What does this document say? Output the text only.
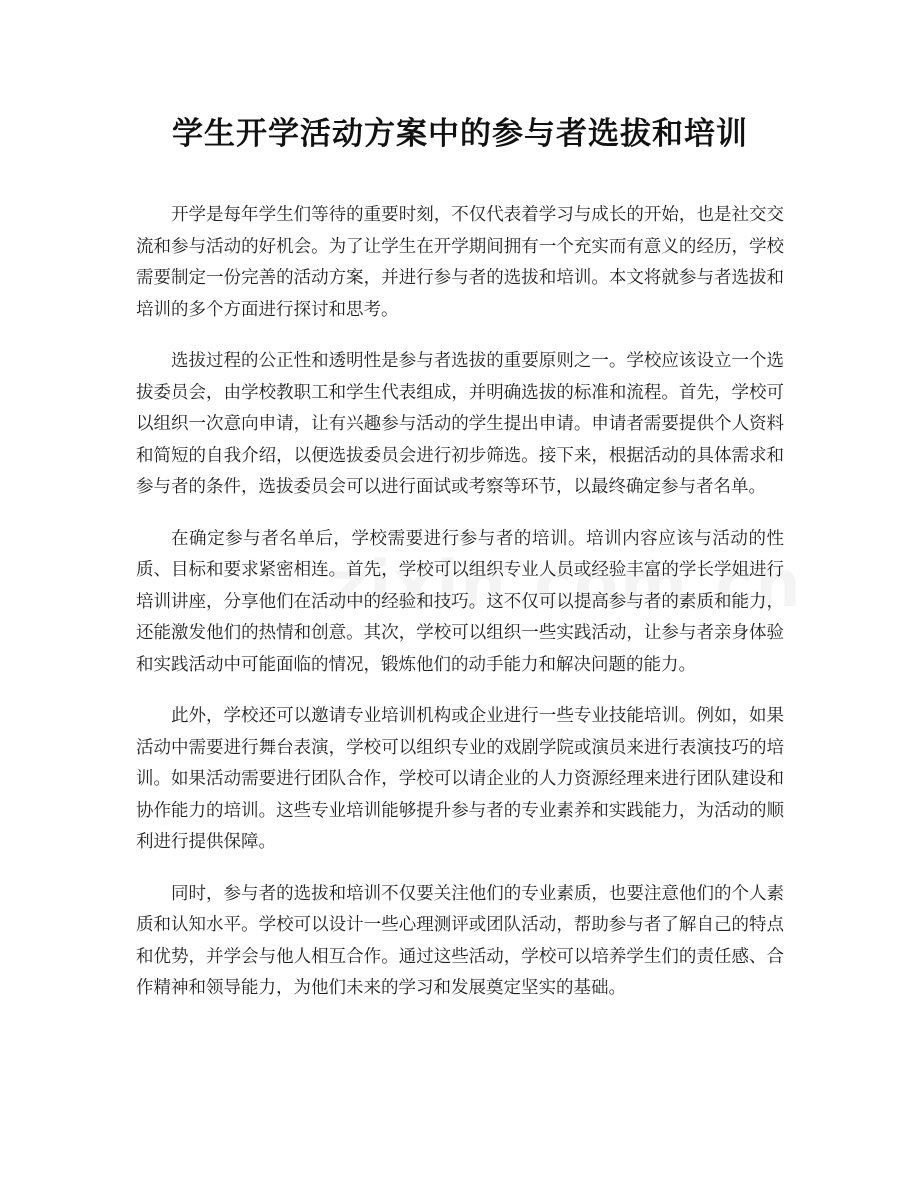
学生开学活动方案中的参与者选拔和培训

开学是每年学生们等待的重要时刻，不仅代表着学习与成长的开始，也是社交交流和参与活动的好机会。为了让学生在开学期间拥有一个充实而有意义的经历，学校需要制定一份完善的活动方案，并进行参与者的选拔和培训。本文将就参与者选拔和培训的多个方面进行探讨和思考。

选拔过程的公正性和透明性是参与者选拔的重要原则之一。学校应该设立一个选拔委员会，由学校教职工和学生代表组成，并明确选拔的标准和流程。首先，学校可以组织一次意向申请，让有兴趣参与活动的学生提出申请。申请者需要提供个人资料和简短的自我介绍，以便选拔委员会进行初步筛选。接下来，根据活动的具体需求和参与者的条件，选拔委员会可以进行面试或考察等环节，以最终确定参与者名单。

在确定参与者名单后，学校需要进行参与者的培训。培训内容应该与活动的性质、目标和要求紧密相连。首先，学校可以组织专业人员或经验丰富的学长学姐进行培训讲座，分享他们在活动中的经验和技巧。这不仅可以提高参与者的素质和能力，还能激发他们的热情和创意。其次，学校可以组织一些实践活动，让参与者亲身体验和实践活动中可能面临的情况，锻炼他们的动手能力和解决问题的能力。

此外，学校还可以邀请专业培训机构或企业进行一些专业技能培训。例如，如果活动中需要进行舞台表演，学校可以组织专业的戏剧学院或演员来进行表演技巧的培训。如果活动需要进行团队合作，学校可以请企业的人力资源经理来进行团队建设和协作能力的培训。这些专业培训能够提升参与者的专业素养和实践能力，为活动的顺利进行提供保障。

同时，参与者的选拔和培训不仅要关注他们的专业素质，也要注意他们的个人素质和认知水平。学校可以设计一些心理测评或团队活动，帮助参与者了解自己的特点和优势，并学会与他人相互合作。通过这些活动，学校可以培养学生们的责任感、合作精神和领导能力，为他们未来的学习和发展奠定坚实的基础。
